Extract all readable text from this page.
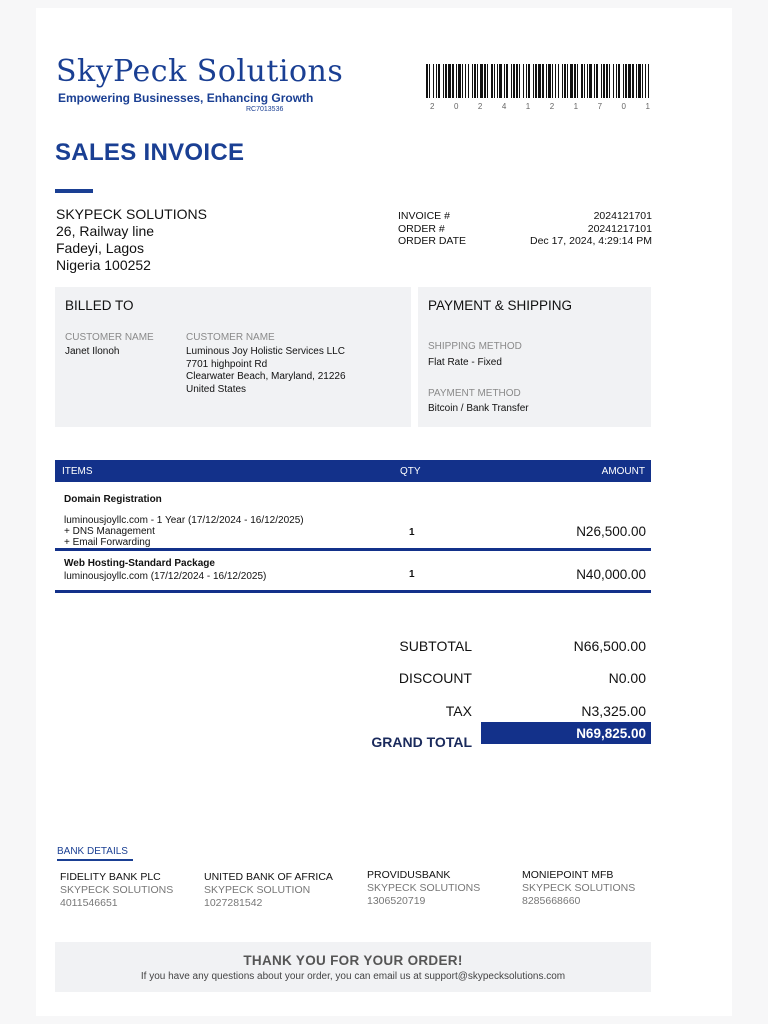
SkyPeck Solutions
Empowering Businesses, Enhancing Growth
RC7013536	2 0 2 4 1 2 1 7 0 1
SALES INVOICE
SKYPECK SOLUTIONS
26, Railway line
Fadeyi, Lagos
Nigeria 100252
INVOICE #	2024121701
ORDER #	20241217101
ORDER DATE	Dec 17, 2024, 4:29:14 PM
BILLED TO
CUSTOMER NAME
Janet Ilonoh
CUSTOMER NAME
Luminous Joy Holistic Services LLC
7701 highpoint Rd
Clearwater Beach, Maryland, 21226
United States
PAYMENT & SHIPPING
SHIPPING METHOD
Flat Rate - Fixed
PAYMENT METHOD
Bitcoin / Bank Transfer
ITEMS	QTY	AMOUNT
Domain Registration
luminousjoyllc.com - 1 Year (17/12/2024 - 16/12/2025)
+ DNS Management
+ Email Forwarding
1	N26,500.00
Web Hosting-Standard Package
luminousjoyllc.com (17/12/2024 - 16/12/2025)	1	N40,000.00
SUBTOTAL	N66,500.00
DISCOUNT	N0.00
TAX	N3,325.00
GRAND TOTAL
N69,825.00
BANK DETAILS
FIDELITY BANK PLC
SKYPECK SOLUTIONS
4011546651
UNITED BANK OF AFRICA
SKYPECK SOLUTION
1027281542
PROVIDUSBANK
SKYPECK SOLUTIONS
1306520719
MONIEPOINT MFB
SKYPECK SOLUTIONS
8285668660
THANK YOU FOR YOUR ORDER!
If you have any questions about your order, you can email us at support@skypecksolutions.com
